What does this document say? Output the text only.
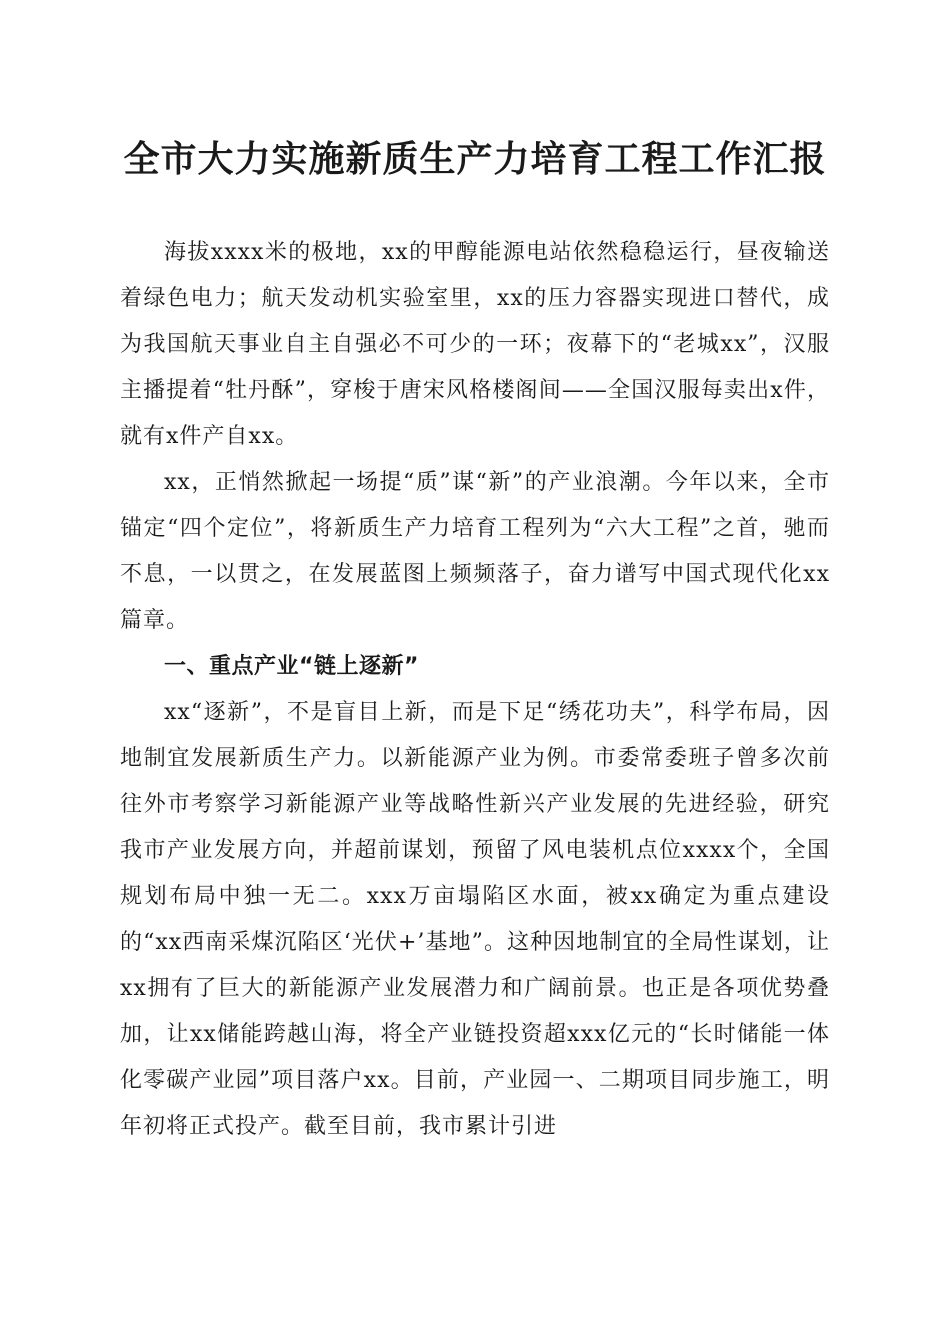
全市大力实施新质生产力培育工程工作汇报

海拔xxxx米的极地，xx的甲醇能源电站依然稳稳运行，昼夜输送着绿色电力；航天发动机实验室里，xx的压力容器实现进口替代，成为我国航天事业自主自强必不可少的一环；夜幕下的“老城xx”，汉服主播提着“牡丹酥”，穿梭于唐宋风格楼阁间——全国汉服每卖出x件，就有x件产自xx。

xx，正悄然掀起一场提“质”谋“新”的产业浪潮。今年以来，全市锚定“四个定位”，将新质生产力培育工程列为“六大工程”之首，驰而不息，一以贯之，在发展蓝图上频频落子，奋力谱写中国式现代化xx篇章。

一、重点产业“链上逐新”

xx“逐新”，不是盲目上新，而是下足“绣花功夫”，科学布局，因地制宜发展新质生产力。以新能源产业为例。市委常委班子曾多次前往外市考察学习新能源产业等战略性新兴产业发展的先进经验，研究我市产业发展方向，并超前谋划，预留了风电装机点位xxxx个，全国规划布局中独一无二。xxx万亩塌陷区水面，被xx确定为重点建设的“xx西南采煤沉陷区‘光伏+’基地”。这种因地制宜的全局性谋划，让xx拥有了巨大的新能源产业发展潜力和广阔前景。也正是各项优势叠加，让xx储能跨越山海，将全产业链投资超xxx亿元的“长时储能一体化零碳产业园”项目落户xx。目前，产业园一、二期项目同步施工，明年初将正式投产。截至目前，我市累计引进
